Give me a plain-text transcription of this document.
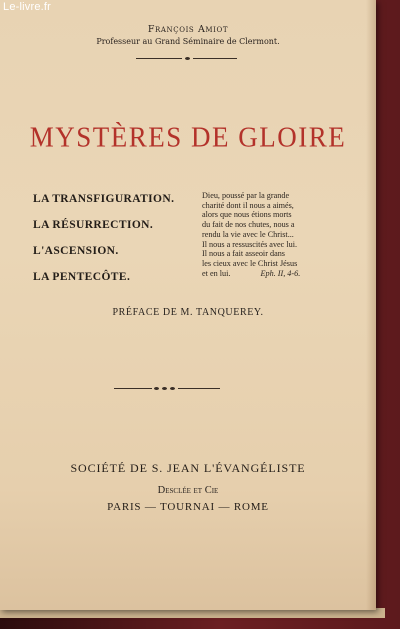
François Amiot
Professeur au Grand Séminaire de Clermont.
MYSTÈRES DE GLOIRE
LA TRANSFIGURATION.
LA RÉSURRECTION.
L'ASCENSION.
LA PENTECÔTE.
Dieu, poussé par la grande
charité dont il nous a aimés,
alors que nous étions morts
du fait de nos chutes, nous a
rendu la vie avec le Christ...
Il nous a ressuscités avec lui.
Il nous a fait asseoir dans
les cieux avec le Christ Jésus
et en lui.	Eph. II, 4-6.
PRÉFACE DE M. TANQUEREY.
SOCIÉTÉ DE S. JEAN L'ÉVANGÉLISTE
Desclée et Cie
PARIS — TOURNAI — ROME
Le-livre.fr
